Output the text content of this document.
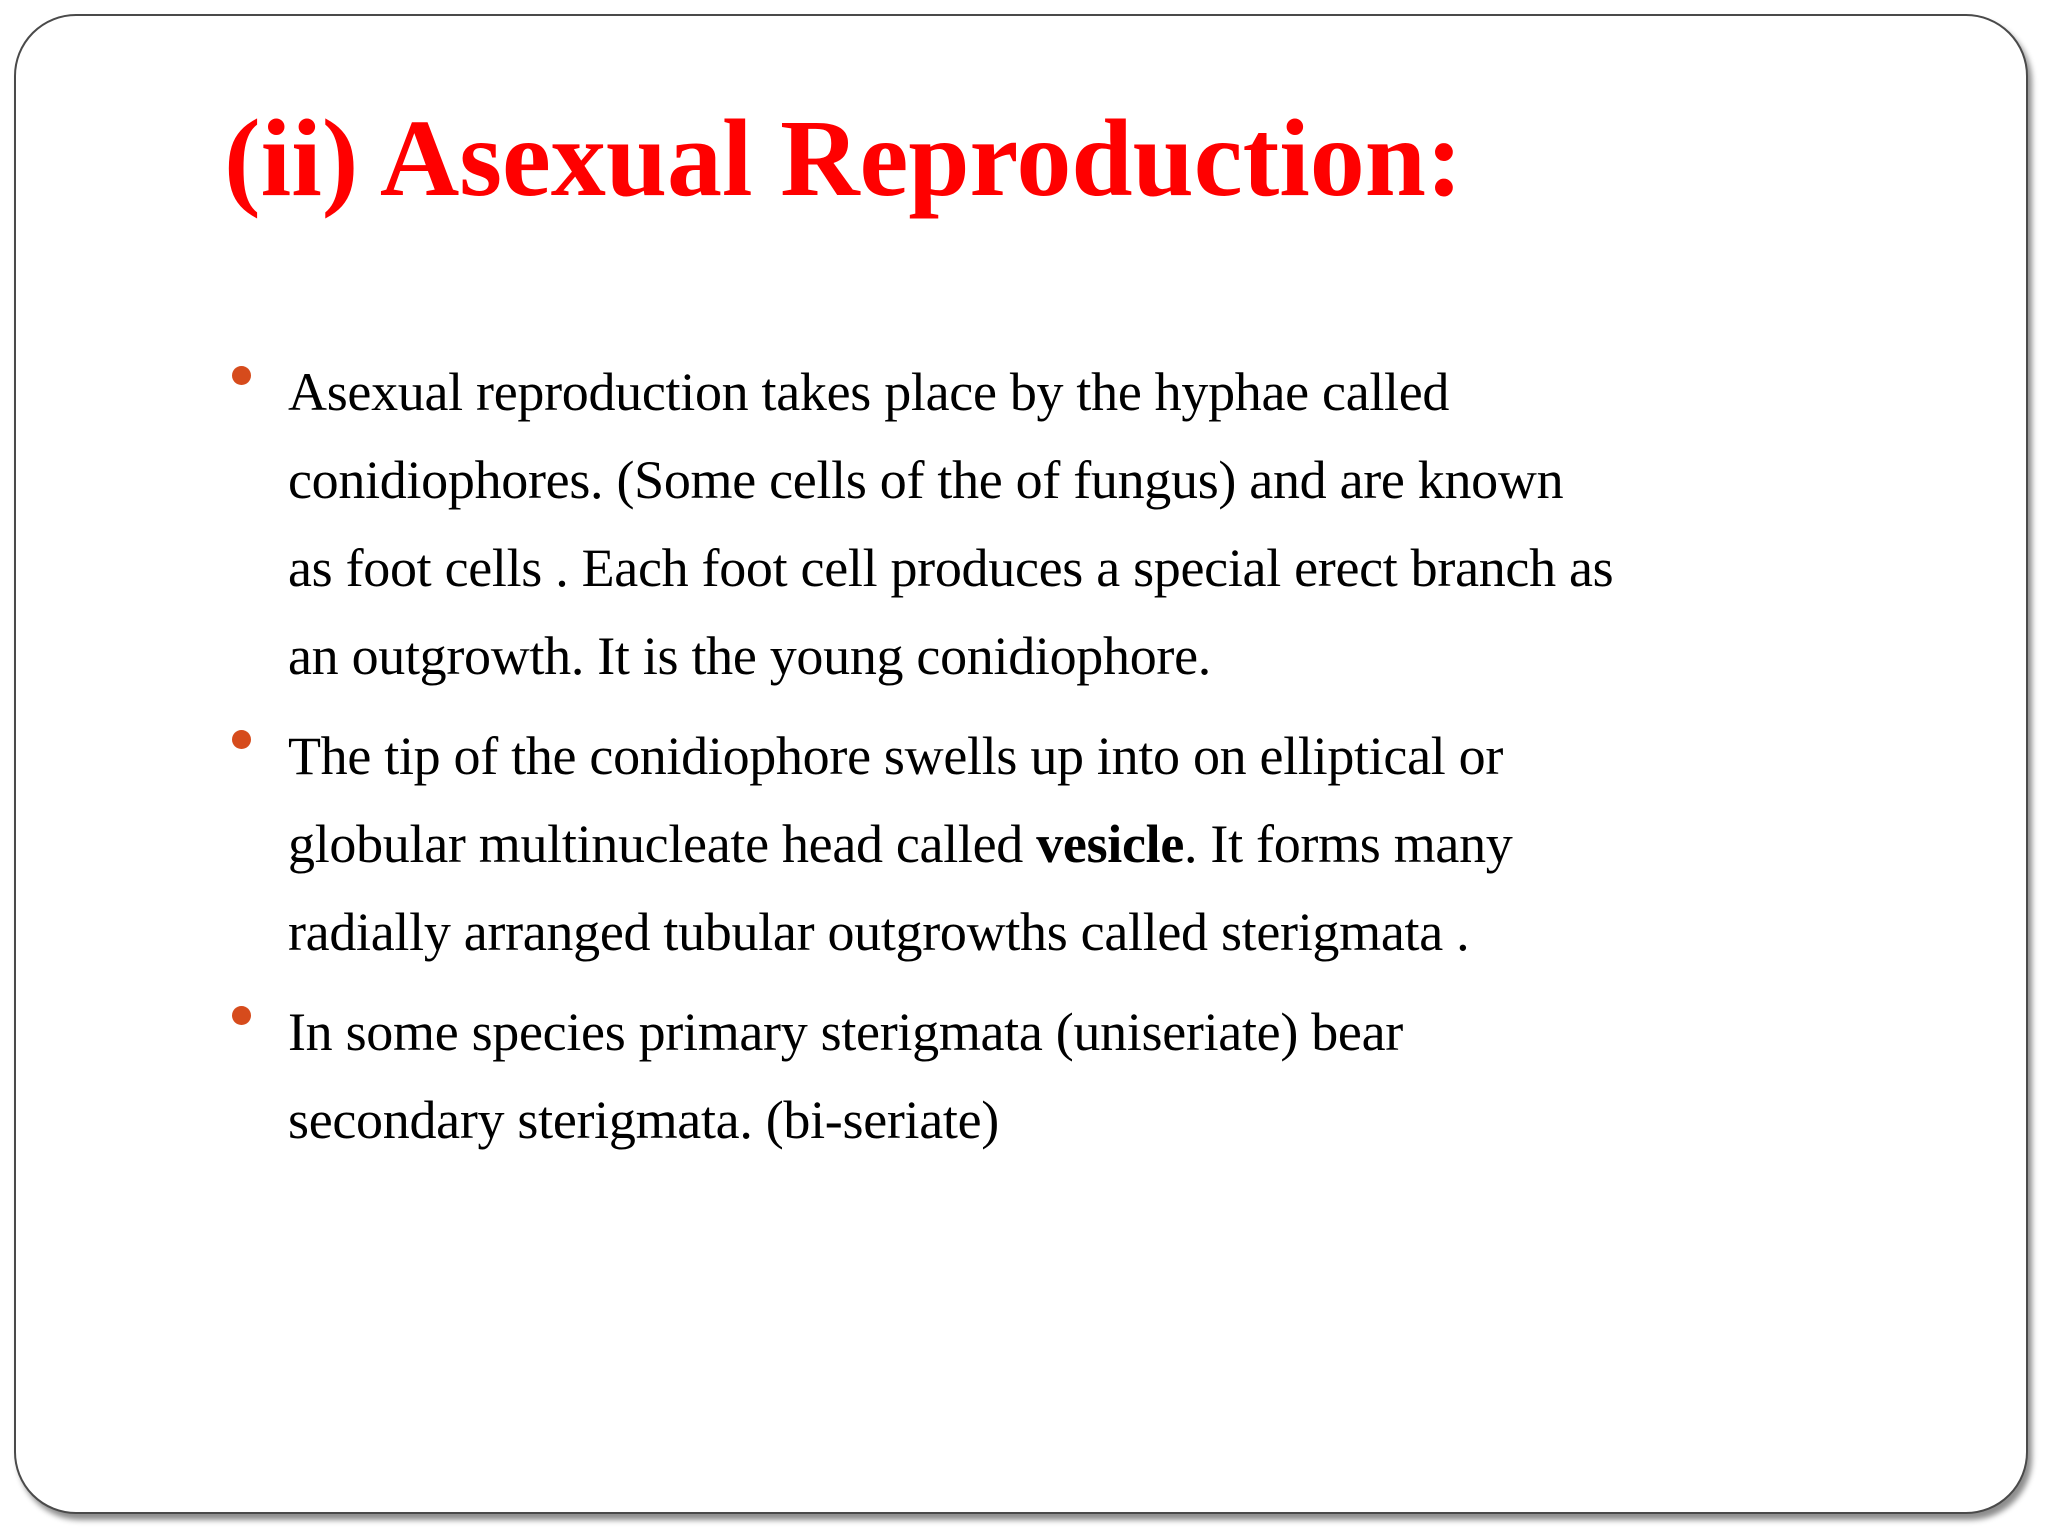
(ii) Asexual Reproduction:
Asexual reproduction takes place by the hyphae called
conidiophores. (Some cells of the of fungus) and are known
as foot cells . Each foot cell produces a special erect branch as
an outgrowth. It is the young conidiophore.
The tip of the conidiophore swells up into on elliptical or
globular multinucleate head called vesicle. It forms many
radially arranged tubular outgrowths called sterigmata .
In some species primary sterigmata (uniseriate) bear
secondary sterigmata. (bi-seriate)
